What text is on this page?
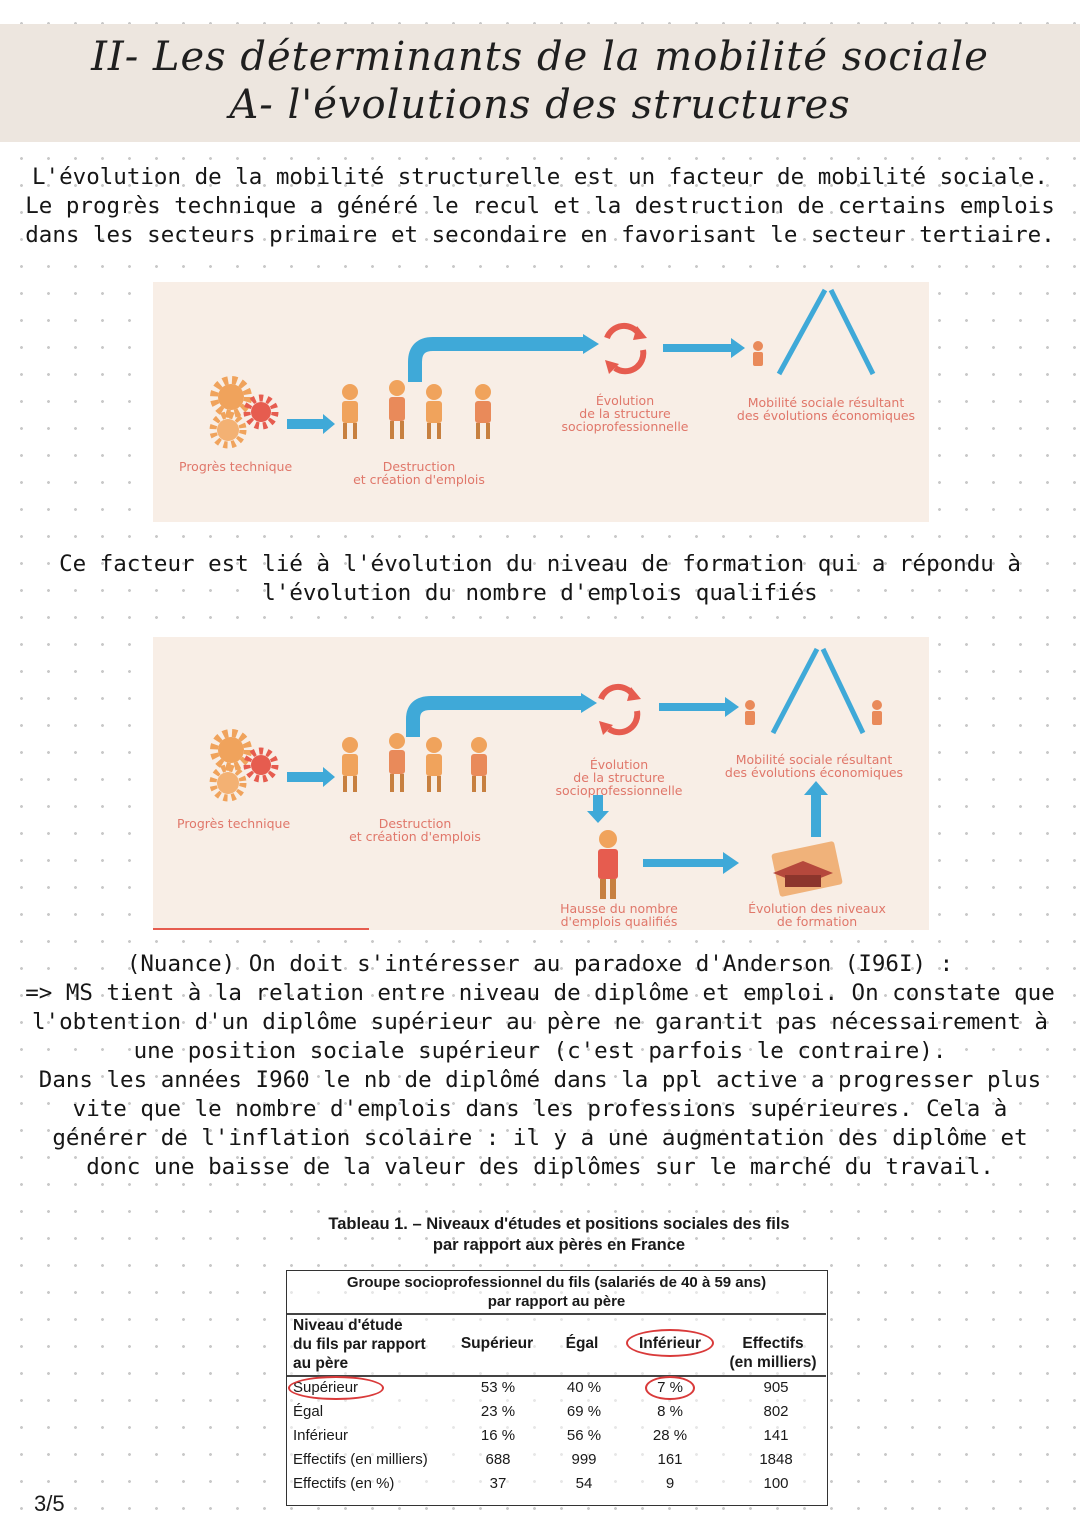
II- Les déterminants de la mobilité sociale
A- l'évolutions des structures
L'évolution de la mobilité structurelle est un facteur de mobilité sociale.
Le progrès technique a généré le recul et la destruction de certains emplois
dans les secteurs primaire et secondaire en favorisant le secteur tertiaire.
Progrès technique	Destruction
et création d'emplois
Évolution
de la structure
socioprofessionnelle
Mobilité sociale résultant
des évolutions économiques
Ce facteur est lié à l'évolution du niveau de formation qui a répondu à
l'évolution du nombre d'emplois qualifiés
Progrès technique	Destruction
et création d'emplois
Évolution
de la structure
socioprofessionnelle
Mobilité sociale résultant
des évolutions économiques
Hausse du nombre
d'emplois qualifiés
Évolution des niveaux
de formation
(Nuance) On doit s'intéresser au paradoxe d'Anderson (I96I) :
=> MS tient à la relation entre niveau de diplôme et emploi. On constate que
l'obtention d'un diplôme supérieur au père ne garantit pas nécessairement à
une position sociale supérieur (c'est parfois le contraire).
Dans les années I960 le nb de diplômé dans la ppl active a progresser plus
vite que le nombre d'emplois dans les professions supérieures. Cela à
générer de l'inflation scolaire : il y a une augmentation des diplôme et
donc une baisse de la valeur des diplômes sur le marché du travail.
Tableau 1. – Niveaux d'études et positions sociales des fils
par rapport aux pères en France
Groupe socioprofessionnel du fils (salariés de 40 à 59 ans)
par rapport au père
Niveau d'étude
du fils par rapport
au père
Supérieur	Égal	Inférieur	Effectifs
(en milliers)
Supérieur	53 %	40 %	7 %	905
Égal	23 %	69 %	8 %	802
Inférieur	16 %	56 %	28 %	141
Effectifs (en milliers)	688	999	161	1848
Effectifs (en %)	37	54	9	100
3/5
